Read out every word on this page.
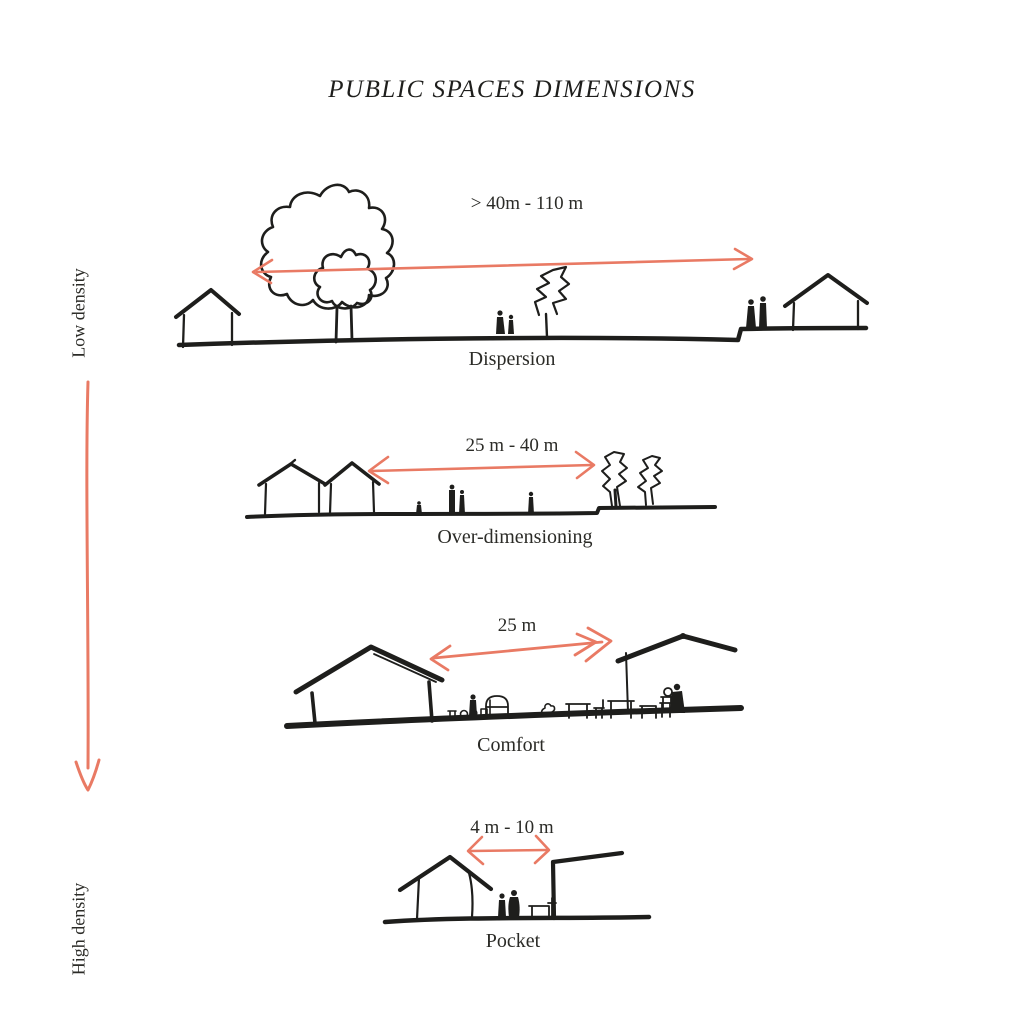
PUBLIC SPACES DIMENSIONS
Low density
High density
> 40m - 110 m
Dispersion
25 m - 40 m
Over-dimensioning
25 m
Comfort
4 m - 10 m
Pocket
